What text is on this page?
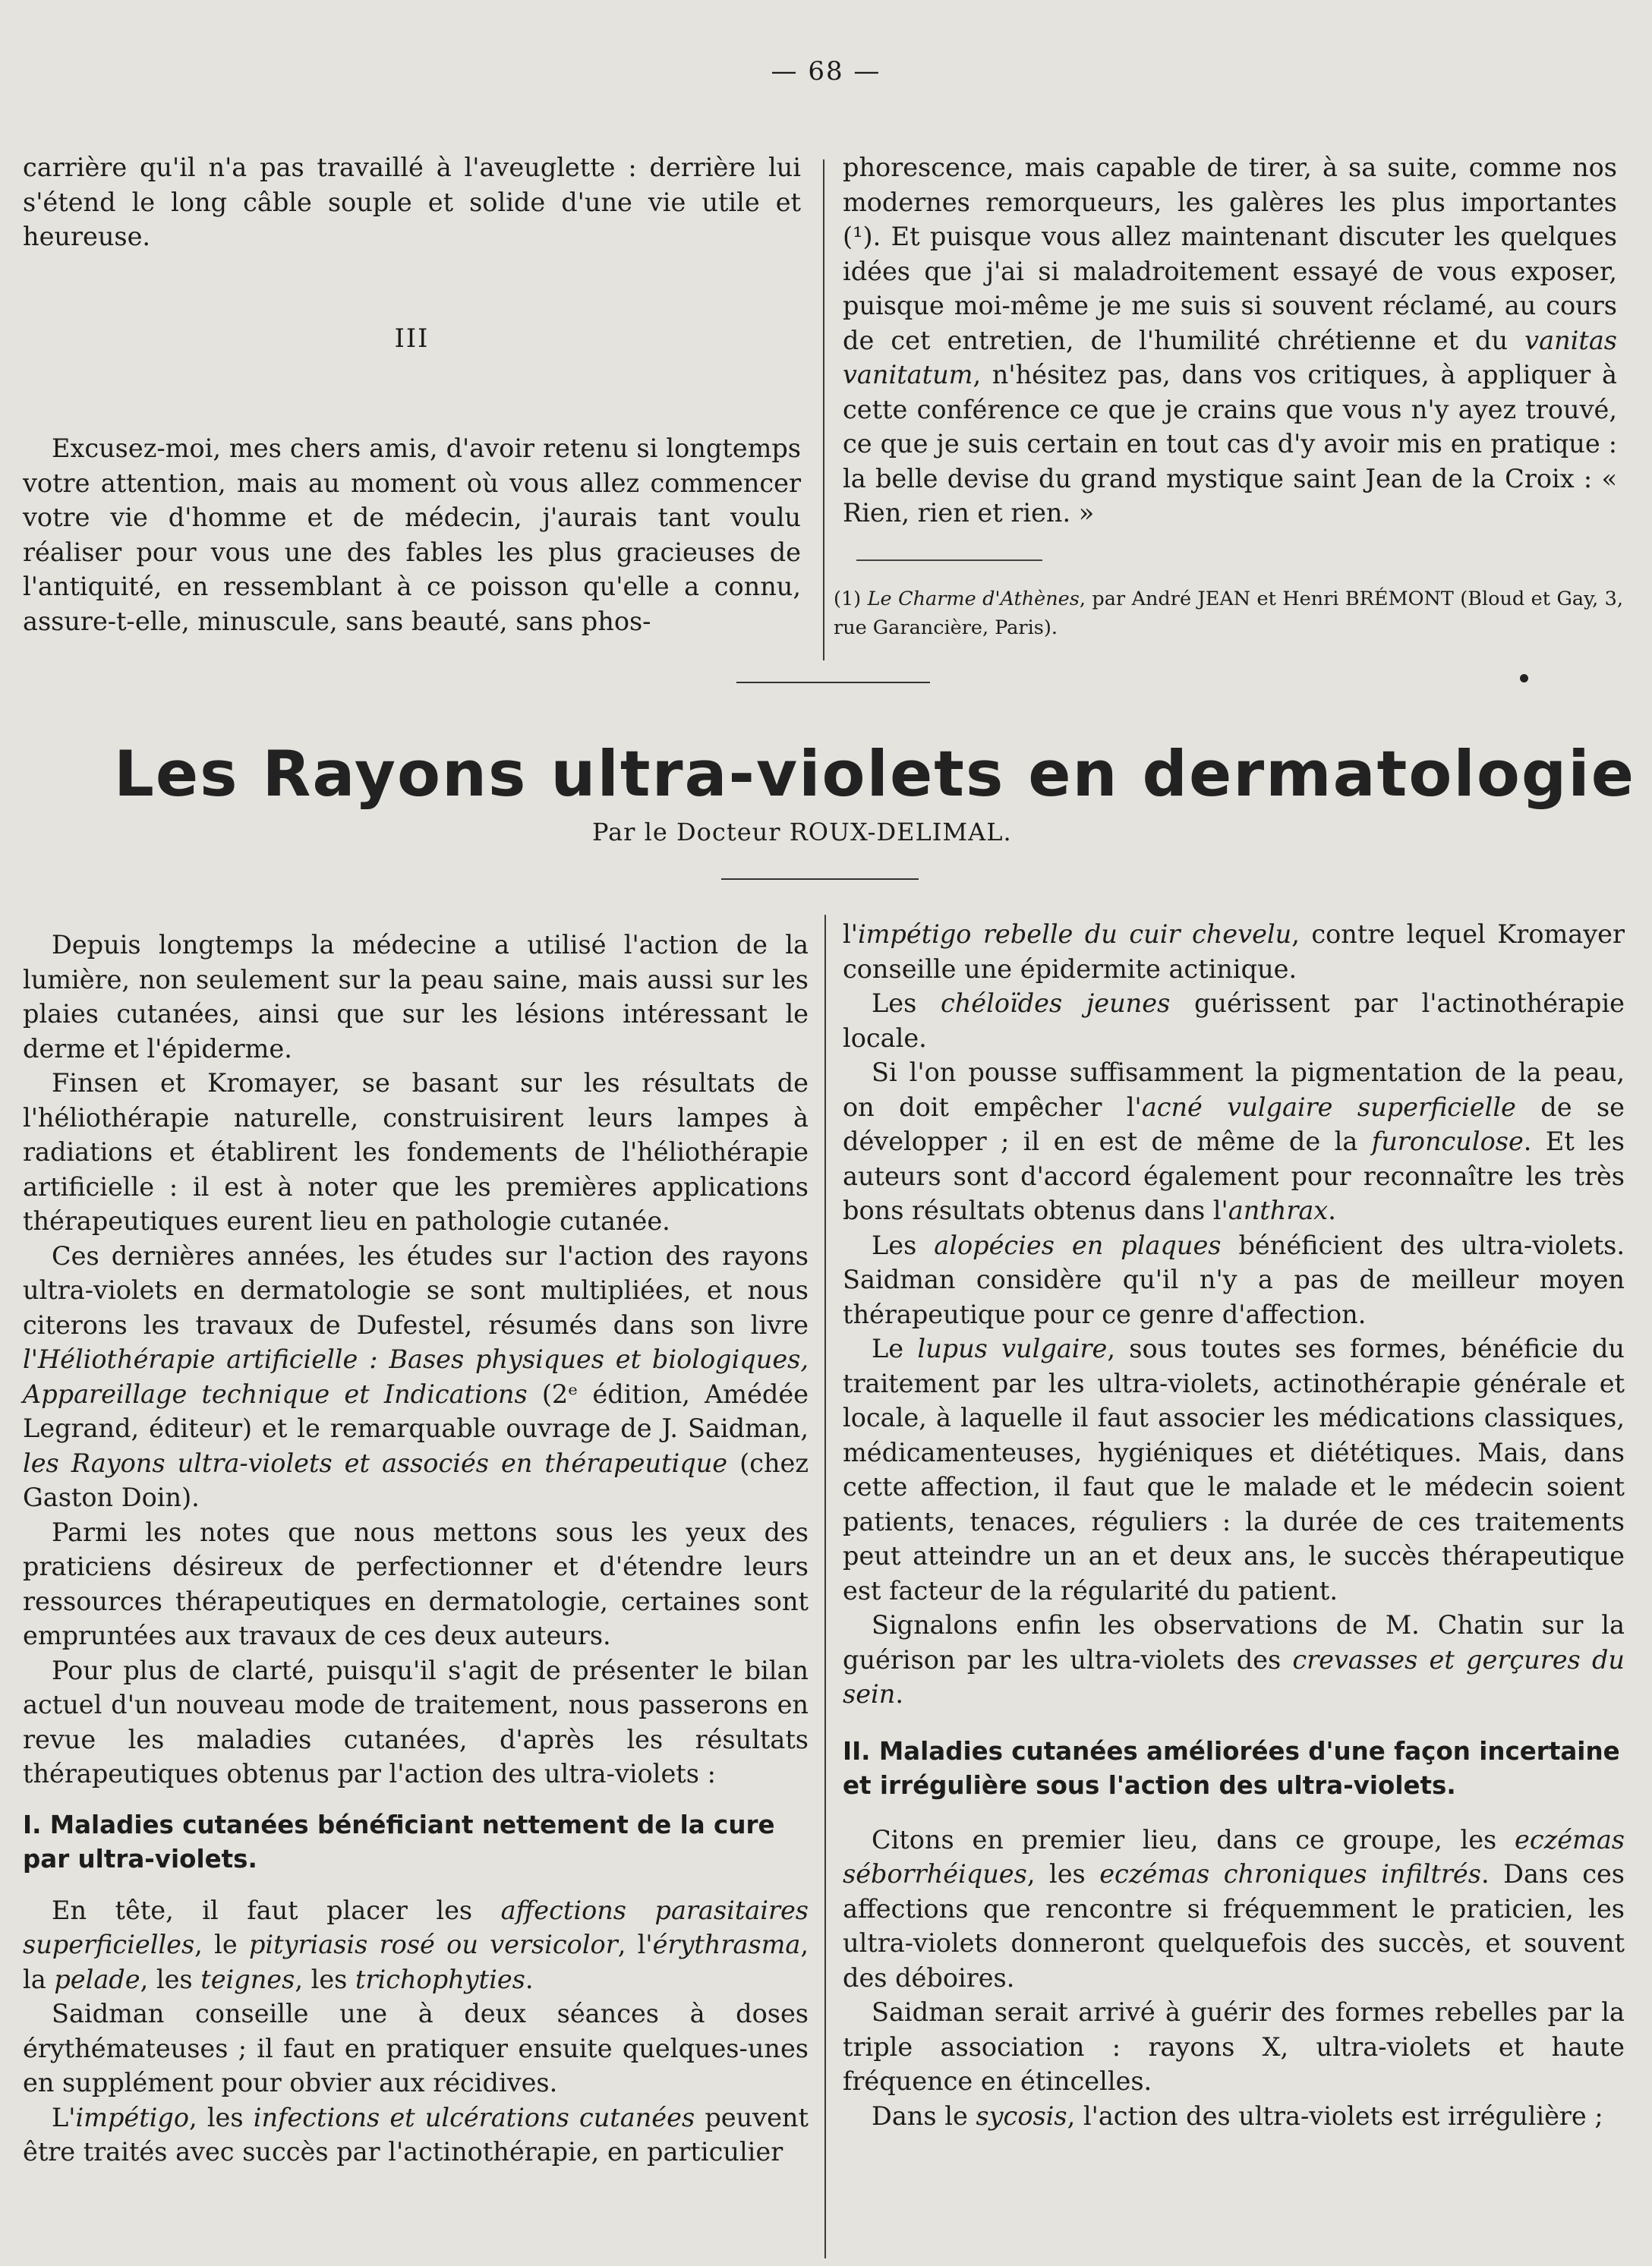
— 68 —

carrière qu'il n'a pas travaillé à l'aveuglette : derrière lui s'étend le long câble souple et solide d'une vie utile et heureuse.

III

Excusez-moi, mes chers amis, d'avoir retenu si longtemps votre attention, mais au moment où vous allez commencer votre vie d'homme et de médecin, j'aurais tant voulu réaliser pour vous une des fables les plus gracieuses de l'antiquité, en ressemblant à ce poisson qu'elle a connu, assure-t-elle, minuscule, sans beauté, sans phos-

phorescence, mais capable de tirer, à sa suite, comme nos modernes remorqueurs, les galères les plus importantes (¹). Et puisque vous allez maintenant discuter les quelques idées que j'ai si maladroitement essayé de vous exposer, puisque moi-même je me suis si souvent réclamé, au cours de cet entretien, de l'humilité chrétienne et du vanitas vanitatum, n'hésitez pas, dans vos critiques, à appliquer à cette conférence ce que je crains que vous n'y ayez trouvé, ce que je suis certain en tout cas d'y avoir mis en pratique : la belle devise du grand mystique saint Jean de la Croix : « Rien, rien et rien. »

(1) Le Charme d'Athènes, par André JEAN et Henri BRÉMONT (Bloud et Gay, 3, rue Garancière, Paris).
Les Rayons ultra-violets en dermatologie
Par le Docteur ROUX-DELIMAL.

Depuis longtemps la médecine a utilisé l'action de la lumière, non seulement sur la peau saine, mais aussi sur les plaies cutanées, ainsi que sur les lésions intéressant le derme et l'épiderme.

Finsen et Kromayer, se basant sur les résultats de l'héliothérapie naturelle, construisirent leurs lampes à radiations et établirent les fondements de l'héliothérapie artificielle : il est à noter que les premières applications thérapeutiques eurent lieu en pathologie cutanée.

Ces dernières années, les études sur l'action des rayons ultra-violets en dermatologie se sont multipliées, et nous citerons les travaux de Dufestel, résumés dans son livre l'Héliothérapie artificielle : Bases physiques et biologiques, Appareillage technique et Indications (2ᵉ édition, Amédée Legrand, éditeur) et le remarquable ouvrage de J. Saidman, les Rayons ultra-violets et associés en thérapeutique (chez Gaston Doin).

Parmi les notes que nous mettons sous les yeux des praticiens désireux de perfectionner et d'étendre leurs ressources thérapeutiques en dermatologie, certaines sont empruntées aux travaux de ces deux auteurs.

Pour plus de clarté, puisqu'il s'agit de présenter le bilan actuel d'un nouveau mode de traitement, nous passerons en revue les maladies cutanées, d'après les résultats thérapeutiques obtenus par l'action des ultra-violets :

I. Maladies cutanées bénéficiant nettement de la cure par ultra-violets.

En tête, il faut placer les affections parasitaires superficielles, le pityriasis rosé ou versicolor, l'érythrasma, la pelade, les teignes, les trichophyties.

Saidman conseille une à deux séances à doses érythémateuses ; il faut en pratiquer ensuite quelques-unes en supplément pour obvier aux récidives.

L'impétigo, les infections et ulcérations cutanées peuvent être traités avec succès par l'actinothérapie, en particulier

l'impétigo rebelle du cuir chevelu, contre lequel Kromayer conseille une épidermite actinique.

Les chéloïdes jeunes guérissent par l'actinothérapie locale.

Si l'on pousse suffisamment la pigmentation de la peau, on doit empêcher l'acné vulgaire superficielle de se développer ; il en est de même de la furonculose. Et les auteurs sont d'accord également pour reconnaître les très bons résultats obtenus dans l'anthrax.

Les alopécies en plaques bénéficient des ultra-violets. Saidman considère qu'il n'y a pas de meilleur moyen thérapeutique pour ce genre d'affection.

Le lupus vulgaire, sous toutes ses formes, bénéficie du traitement par les ultra-violets, actinothérapie générale et locale, à laquelle il faut associer les médications classiques, médicamenteuses, hygiéniques et diététiques. Mais, dans cette affection, il faut que le malade et le médecin soient patients, tenaces, réguliers : la durée de ces traitements peut atteindre un an et deux ans, le succès thérapeutique est facteur de la régularité du patient.

Signalons enfin les observations de M. Chatin sur la guérison par les ultra-violets des crevasses et gerçures du sein.

II. Maladies cutanées améliorées d'une façon incertaine et irrégulière sous l'action des ultra-violets.

Citons en premier lieu, dans ce groupe, les eczémas séborrhéiques, les eczémas chroniques infiltrés. Dans ces affections que rencontre si fréquemment le praticien, les ultra-violets donneront quelquefois des succès, et souvent des déboires.

Saidman serait arrivé à guérir des formes rebelles par la triple association : rayons X, ultra-violets et haute fréquence en étincelles.

Dans le sycosis, l'action des ultra-violets est irrégulière ;
